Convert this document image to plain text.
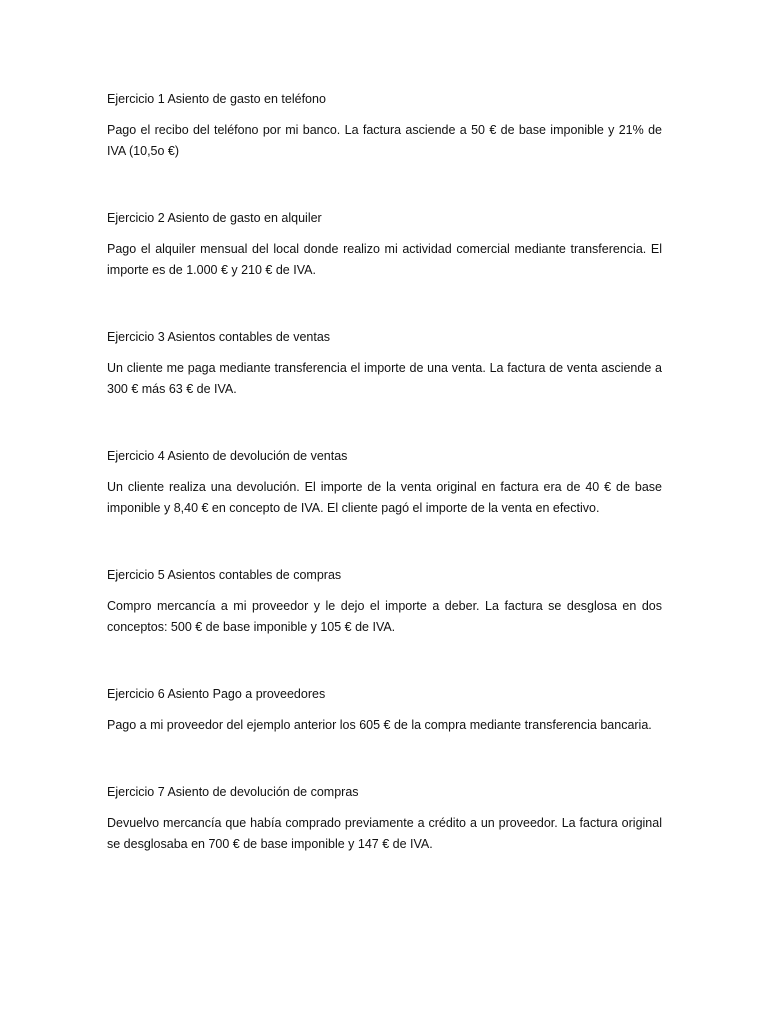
Ejercicio 1 Asiento de gasto en teléfono

Pago el recibo del teléfono por mi banco. La factura asciende a 50 € de base imponible y 21% de IVA (10,5o €)

Ejercicio 2 Asiento de gasto en alquiler

Pago el alquiler mensual del local donde realizo mi actividad comercial mediante transferencia. El importe es de 1.000 € y 210 € de IVA.

Ejercicio 3 Asientos contables de ventas

Un cliente me paga mediante transferencia el importe de una venta. La factura de venta asciende a 300 € más 63 € de IVA.

Ejercicio 4 Asiento de devolución de ventas

Un cliente realiza una devolución. El importe de la venta original en factura era de 40 € de base imponible y 8,40 € en concepto de IVA. El cliente pagó el importe de la venta en efectivo.

Ejercicio 5 Asientos contables de compras

Compro mercancía a mi proveedor y le dejo el importe a deber. La factura se desglosa en dos conceptos: 500 € de base imponible y 105 € de IVA.

Ejercicio 6 Asiento Pago a proveedores

Pago a mi proveedor del ejemplo anterior los 605 € de la compra mediante transferencia bancaria.

Ejercicio 7 Asiento de devolución de compras

Devuelvo mercancía que había comprado previamente a crédito a un proveedor. La factura original se desglosaba en 700 € de base imponible y 147 € de IVA.
